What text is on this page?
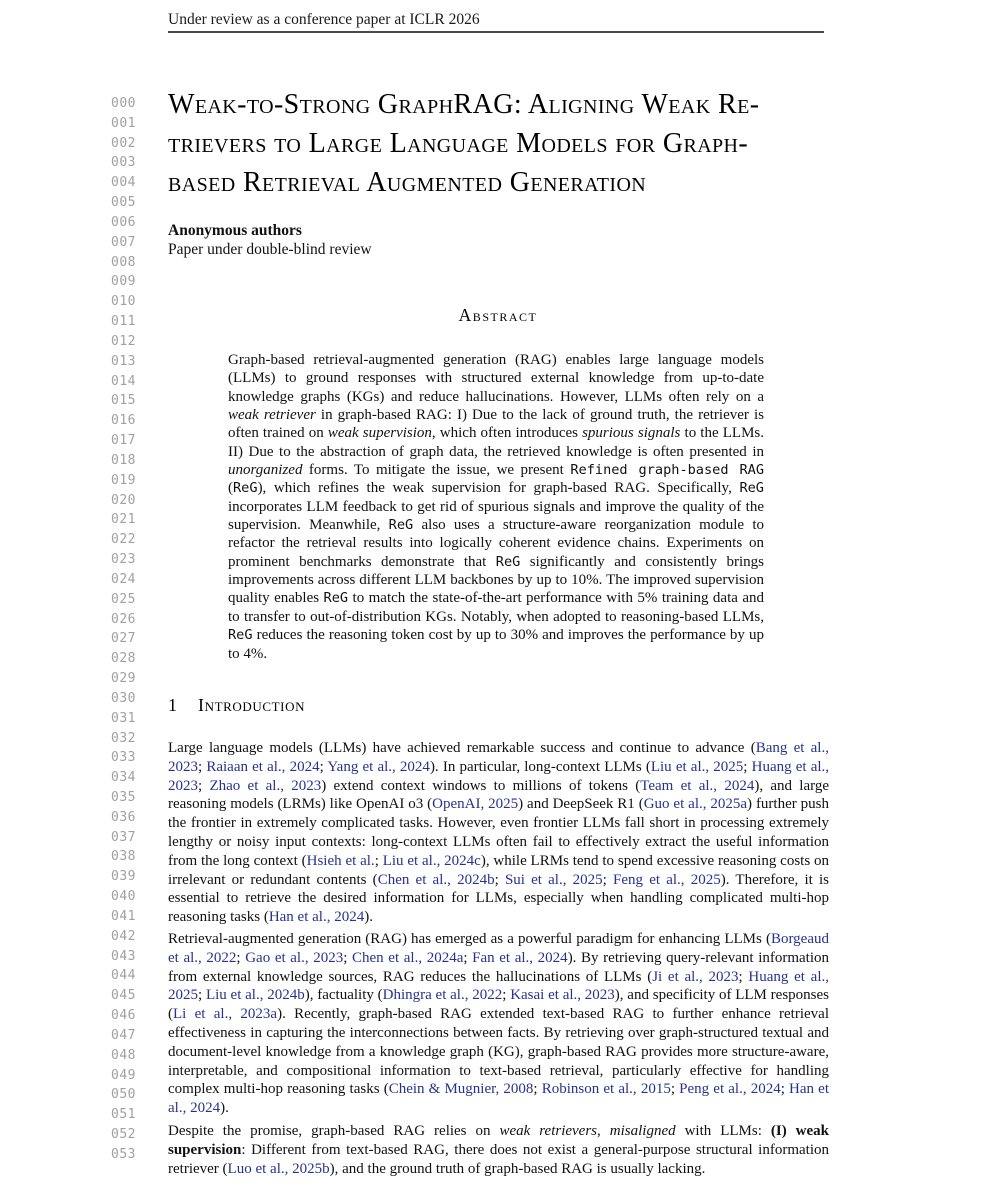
Under review as a conference paper at ICLR 2026
000
001
002
003
004
005
006
007
008
009
010
011
012
013
014
015
016
017
018
019
020
021
022
023
024
025
026
027
028
029
030
031
032
033
034
035
036
037
038
039
040
041
042
043
044
045
046
047
048
049
050
051
052
053
Weak-to-Strong GraphRAG: Aligning Weak Re-
trievers to Large Language Models for Graph-
based Retrieval Augmented Generation
Anonymous authors
Paper under double-blind review
Abstract
Graph-based retrieval-augmented generation (RAG) enables large language models (LLMs) to ground responses with structured external knowledge from up-to-date knowledge graphs (KGs) and reduce hallucinations. However, LLMs often rely on a weak retriever in graph-based RAG: I) Due to the lack of ground truth, the retriever is often trained on weak supervision, which often introduces spurious signals to the LLMs. II) Due to the abstraction of graph data, the retrieved knowledge is often presented in unorganized forms. To mitigate the issue, we present Refined graph-based RAG (ReG), which refines the weak supervision for graph-based RAG. Specifically, ReG incorporates LLM feedback to get rid of spurious signals and improve the quality of the supervision. Meanwhile, ReG also uses a structure-aware reorganization module to refactor the retrieval results into logically coherent evidence chains. Experiments on prominent benchmarks demonstrate that ReG significantly and consistently brings improvements across different LLM backbones by up to 10%. The improved supervision quality enables ReG to match the state-of-the-art performance with 5% training data and to transfer to out-of-distribution KGs. Notably, when adopted to reasoning-based LLMs, ReG reduces the reasoning token cost by up to 30% and improves the performance by up to 4%.
1 Introduction
Large language models (LLMs) have achieved remarkable success and continue to advance (Bang et al., 2023; Raiaan et al., 2024; Yang et al., 2024). In particular, long-context LLMs (Liu et al., 2025; Huang et al., 2023; Zhao et al., 2023) extend context windows to millions of tokens (Team et al., 2024), and large reasoning models (LRMs) like OpenAI o3 (OpenAI, 2025) and DeepSeek R1 (Guo et al., 2025a) further push the frontier in extremely complicated tasks. However, even frontier LLMs fall short in processing extremely lengthy or noisy input contexts: long-context LLMs often fail to effectively extract the useful information from the long context (Hsieh et al.; Liu et al., 2024c), while LRMs tend to spend excessive reasoning costs on irrelevant or redundant contents (Chen et al., 2024b; Sui et al., 2025; Feng et al., 2025). Therefore, it is essential to retrieve the desired information for LLMs, especially when handling complicated multi-hop reasoning tasks (Han et al., 2024).
Retrieval-augmented generation (RAG) has emerged as a powerful paradigm for enhancing LLMs (Borgeaud et al., 2022; Gao et al., 2023; Chen et al., 2024a; Fan et al., 2024). By retrieving query-relevant information from external knowledge sources, RAG reduces the hallucinations of LLMs (Ji et al., 2023; Huang et al., 2025; Liu et al., 2024b), factuality (Dhingra et al., 2022; Kasai et al., 2023), and specificity of LLM responses (Li et al., 2023a). Recently, graph-based RAG extended text-based RAG to further enhance retrieval effectiveness in capturing the interconnections between facts. By retrieving over graph-structured textual and document-level knowledge from a knowledge graph (KG), graph-based RAG provides more structure-aware, interpretable, and compositional information to text-based retrieval, particularly effective for handling complex multi-hop reasoning tasks (Chein & Mugnier, 2008; Robinson et al., 2015; Peng et al., 2024; Han et al., 2024).
Despite the promise, graph-based RAG relies on weak retrievers, misaligned with LLMs: (I) weak supervision: Different from text-based RAG, there does not exist a general-purpose structural information retriever (Luo et al., 2025b), and the ground truth of graph-based RAG is usually lacking.
